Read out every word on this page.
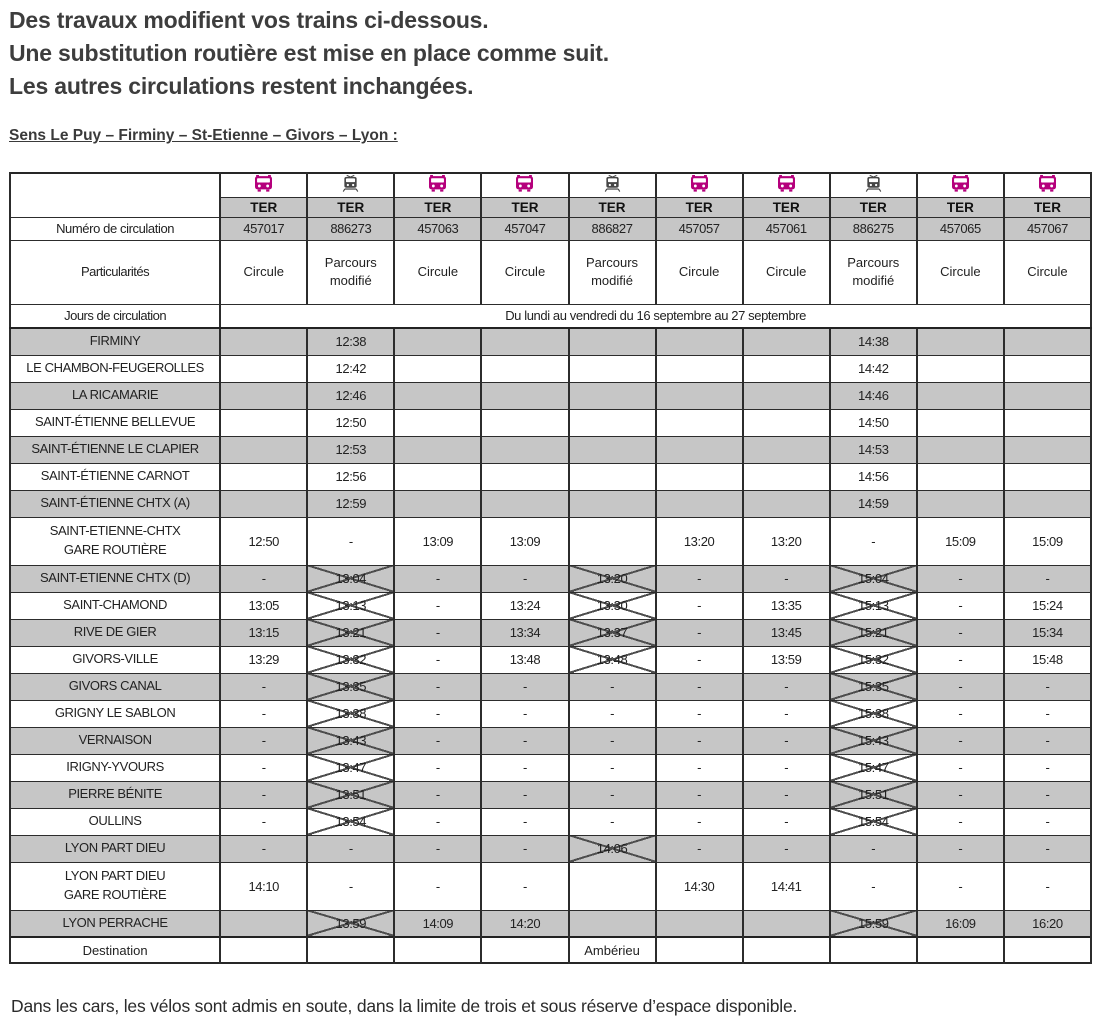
Des travaux modifient vos trains ci-dessous.

Une substitution routière est mise en place comme suit.

Les autres circulations restent inchangées.

Sens Le Puy – Firminy – St-Etienne – Givors – Lyon :

	TER	TER	TER	TER	TER	TER	TER	TER	TER	TER
Numéro de circulation	457017	886273	457063	457047	886827	457057	457061	886275	457065	457067
Particularités	Circule	Parcours modifié	Circule	Circule	Parcours modifié	Circule	Circule	Parcours modifié	Circule	Circule
Jours de circulation	Du lundi au vendredi du 16 septembre au 27 septembre									
FIRMINY		12:38						14:38		
LE CHAMBON-FEUGEROLLES		12:42						14:42		
LA RICAMARIE		12:46						14:46		
SAINT-ÉTIENNE BELLEVUE		12:50						14:50		
SAINT-ÉTIENNE LE CLAPIER		12:53						14:53		
SAINT-ÉTIENNE CARNOT		12:56						14:56		
SAINT-ÉTIENNE CHTX (A)		12:59						14:59		
SAINT-ETIENNE-CHTX
GARE ROUTIÈRE	12:50	-	13:09	13:09		13:20	13:20	-	15:09	15:09
SAINT-ETIENNE CHTX (D)	-	13:04	-	-	13:20	-	-	15:04	-	-
SAINT-CHAMOND	13:05	13:13	-	13:24	13:30	-	13:35	15:13	-	15:24
RIVE DE GIER	13:15	13:21	-	13:34	13:37	-	13:45	15:21	-	15:34
GIVORS-VILLE	13:29	13:32	-	13:48	13:48	-	13:59	15:32	-	15:48
GIVORS CANAL	-	13:35	-	-	-	-	-	15:35	-	-
GRIGNY LE SABLON	-	13:38	-	-	-	-	-	15:38	-	-
VERNAISON	-	13:43	-	-	-	-	-	15:43	-	-
IRIGNY-YVOURS	-	13:47	-	-	-	-	-	15:47	-	-
PIERRE BÉNITE	-	13:51	-	-	-	-	-	15:51	-	-
OULLINS	-	13:54	-	-	-	-	-	15:54	-	-
LYON PART DIEU	-	-	-	-	14:06	-	-	-	-	-
LYON PART DIEU
GARE ROUTIÈRE	14:10	-	-	-		14:30	14:41	-	-	-
LYON PERRACHE		13:59	14:09	14:20				15:59	16:09	16:20
Destination					Ambérieu					

Dans les cars, les vélos sont admis en soute, dans la limite de trois et sous réserve d’espace disponible.
